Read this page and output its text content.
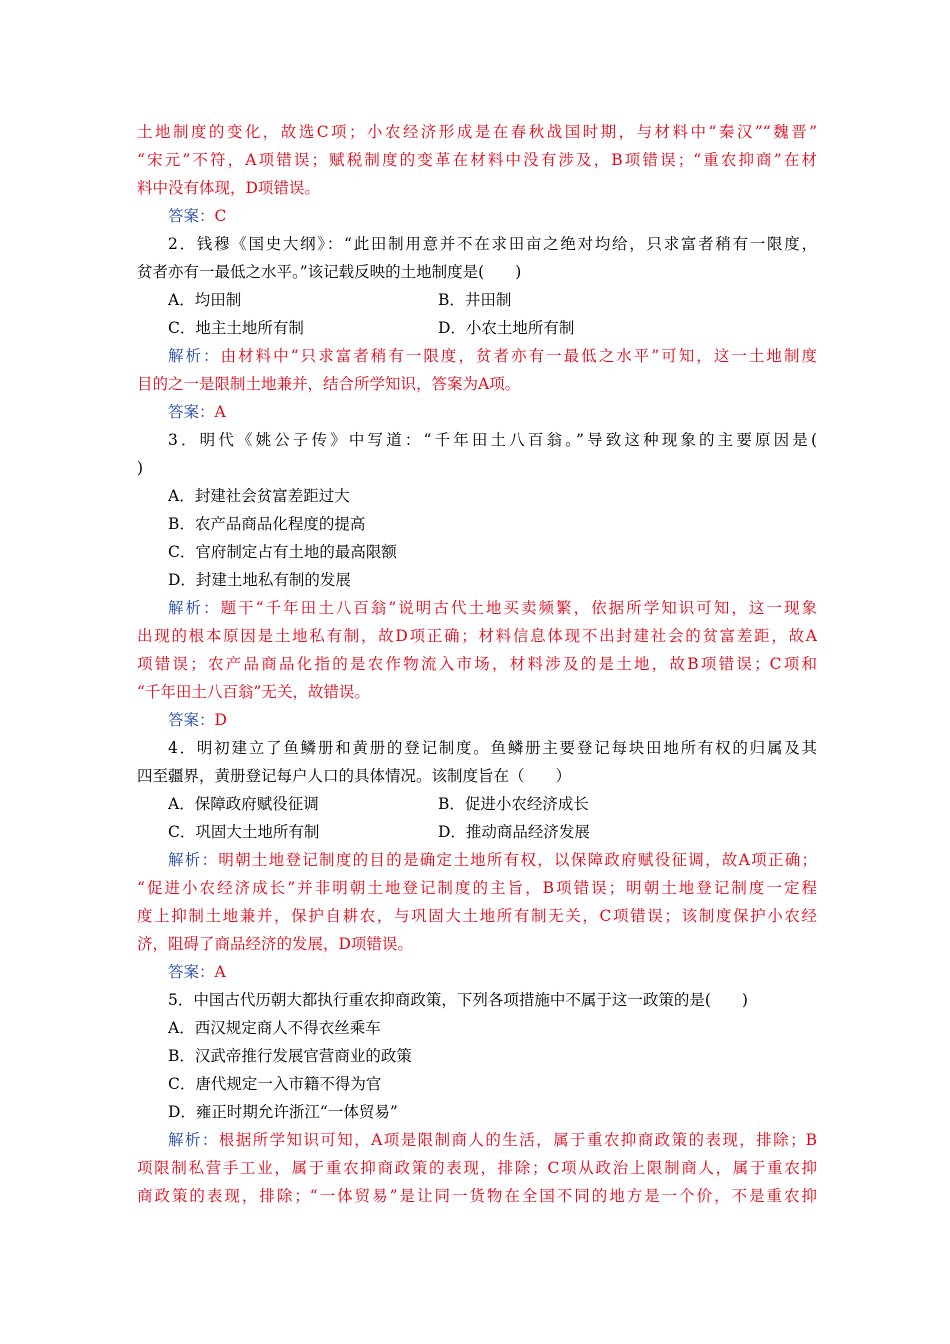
土地制度的变化，故选C项；小农经济形成是在春秋战国时期，与材料中“秦汉”“魏晋”
“宋元”不符，A项错误；赋税制度的变革在材料中没有涉及，B项错误；“重农抑商”在材
料中没有体现，D项错误。
答案：C
2．钱穆《国史大纲》：“此田制用意并不在求田亩之绝对均给，只求富者稍有一限度，
贫者亦有一最低之水平。”该记载反映的土地制度是(　　)
A．均田制	B．井田制
C．地主土地所有制	D．小农土地所有制
解析：由材料中“只求富者稍有一限度，贫者亦有一最低之水平”可知，这一土地制度
目的之一是限制土地兼并，结合所学知识，答案为A项。
答案：A
3．明代《姚公子传》中写道：“千年田土八百翁。”导致这种现象的主要原因是(
)
A．封建社会贫富差距过大
B．农产品商品化程度的提高
C．官府制定占有土地的最高限额
D．封建土地私有制的发展
解析：题干“千年田土八百翁”说明古代土地买卖频繁，依据所学知识可知，这一现象
出现的根本原因是土地私有制，故D项正确；材料信息体现不出封建社会的贫富差距，故A
项错误；农产品商品化指的是农作物流入市场，材料涉及的是土地，故B项错误；C项和
“千年田土八百翁”无关，故错误。
答案：D
4．明初建立了鱼鳞册和黄册的登记制度。鱼鳞册主要登记每块田地所有权的归属及其
四至疆界，黄册登记每户人口的具体情况。该制度旨在（　　）
A．保障政府赋役征调	B．促进小农经济成长
C．巩固大土地所有制	D．推动商品经济发展
解析：明朝土地登记制度的目的是确定土地所有权，以保障政府赋役征调，故A项正确；
“促进小农经济成长”并非明朝土地登记制度的主旨，B项错误；明朝土地登记制度一定程
度上抑制土地兼并，保护自耕农，与巩固大土地所有制无关，C项错误；该制度保护小农经
济，阻碍了商品经济的发展，D项错误。
答案：A
5．中国古代历朝大都执行重农抑商政策，下列各项措施中不属于这一政策的是(　　)
A．西汉规定商人不得衣丝乘车
B．汉武帝推行发展官营商业的政策
C．唐代规定一入市籍不得为官
D．雍正时期允许浙江“一体贸易”
解析：根据所学知识可知，A项是限制商人的生活，属于重农抑商政策的表现，排除；B
项限制私营手工业，属于重农抑商政策的表现，排除；C项从政治上限制商人，属于重农抑
商政策的表现，排除；“一体贸易”是让同一货物在全国不同的地方是一个价，不是重农抑
